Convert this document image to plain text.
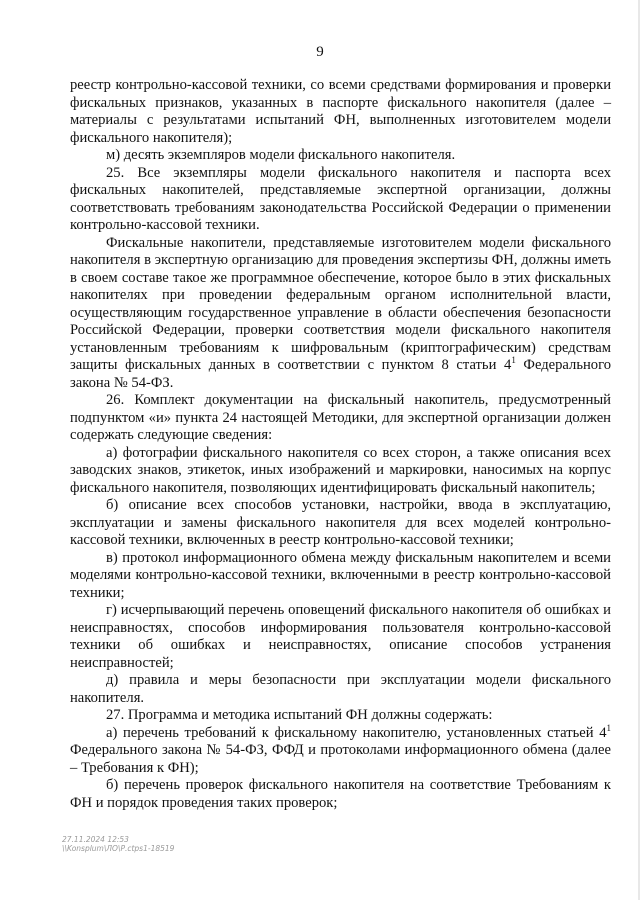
9

реестр контрольно-кассовой техники, со всеми средствами формирования и проверки фискальных признаков, указанных в паспорте фискального накопителя (далее – материалы с результатами испытаний ФН, выполненных изготовителем модели фискального накопителя);

м) десять экземпляров модели фискального накопителя.

25. Все экземпляры модели фискального накопителя и паспорта всех фискальных накопителей, представляемые экспертной организации, должны соответствовать требованиям законодательства Российской Федерации о применении контрольно-кассовой техники.

Фискальные накопители, представляемые изготовителем модели фискального накопителя в экспертную организацию для проведения экспертизы ФН, должны иметь в своем составе такое же программное обеспечение, которое было в этих фискальных накопителях при проведении федеральным органом исполнительной власти, осуществляющим государственное управление в области обеспечения безопасности Российской Федерации, проверки соответствия модели фискального накопителя установленным требованиям к шифровальным (криптографическим) средствам защиты фискальных данных в соответствии с пунктом 8 статьи $4^1$ Федерального закона № 54-ФЗ.

26. Комплект документации на фискальный накопитель, предусмотренный подпунктом «и» пункта 24 настоящей Методики, для экспертной организации должен содержать следующие сведения:

а) фотографии фискального накопителя со всех сторон, а также описания всех заводских знаков, этикеток, иных изображений и маркировки, наносимых на корпус фискального накопителя, позволяющих идентифицировать фискальный накопитель;

б) описание всех способов установки, настройки, ввода в эксплуатацию, эксплуатации и замены фискального накопителя для всех моделей контрольно-кассовой техники, включенных в реестр контрольно-кассовой техники;

в) протокол информационного обмена между фискальным накопителем и всеми моделями контрольно-кассовой техники, включенными в реестр контрольно-кассовой техники;

г) исчерпывающий перечень оповещений фискального накопителя об ошибках и неисправностях, способов информирования пользователя контрольно-кассовой техники об ошибках и неисправностях, описание способов устранения неисправностей;

д) правила и меры безопасности при эксплуатации модели фискального накопителя.

27. Программа и методика испытаний ФН должны содержать:

а) перечень требований к фискальному накопителю, установленных статьей $4^1$ Федерального закона № 54-ФЗ, ФФД и протоколами информационного обмена (далее – Требования к ФН);

б) перечень проверок фискального накопителя на соответствие Требованиям к ФН и порядок проведения таких проверок;

27.11.2024 12:53
\\Konsplum\ЛО\Р.ctps1-18519
